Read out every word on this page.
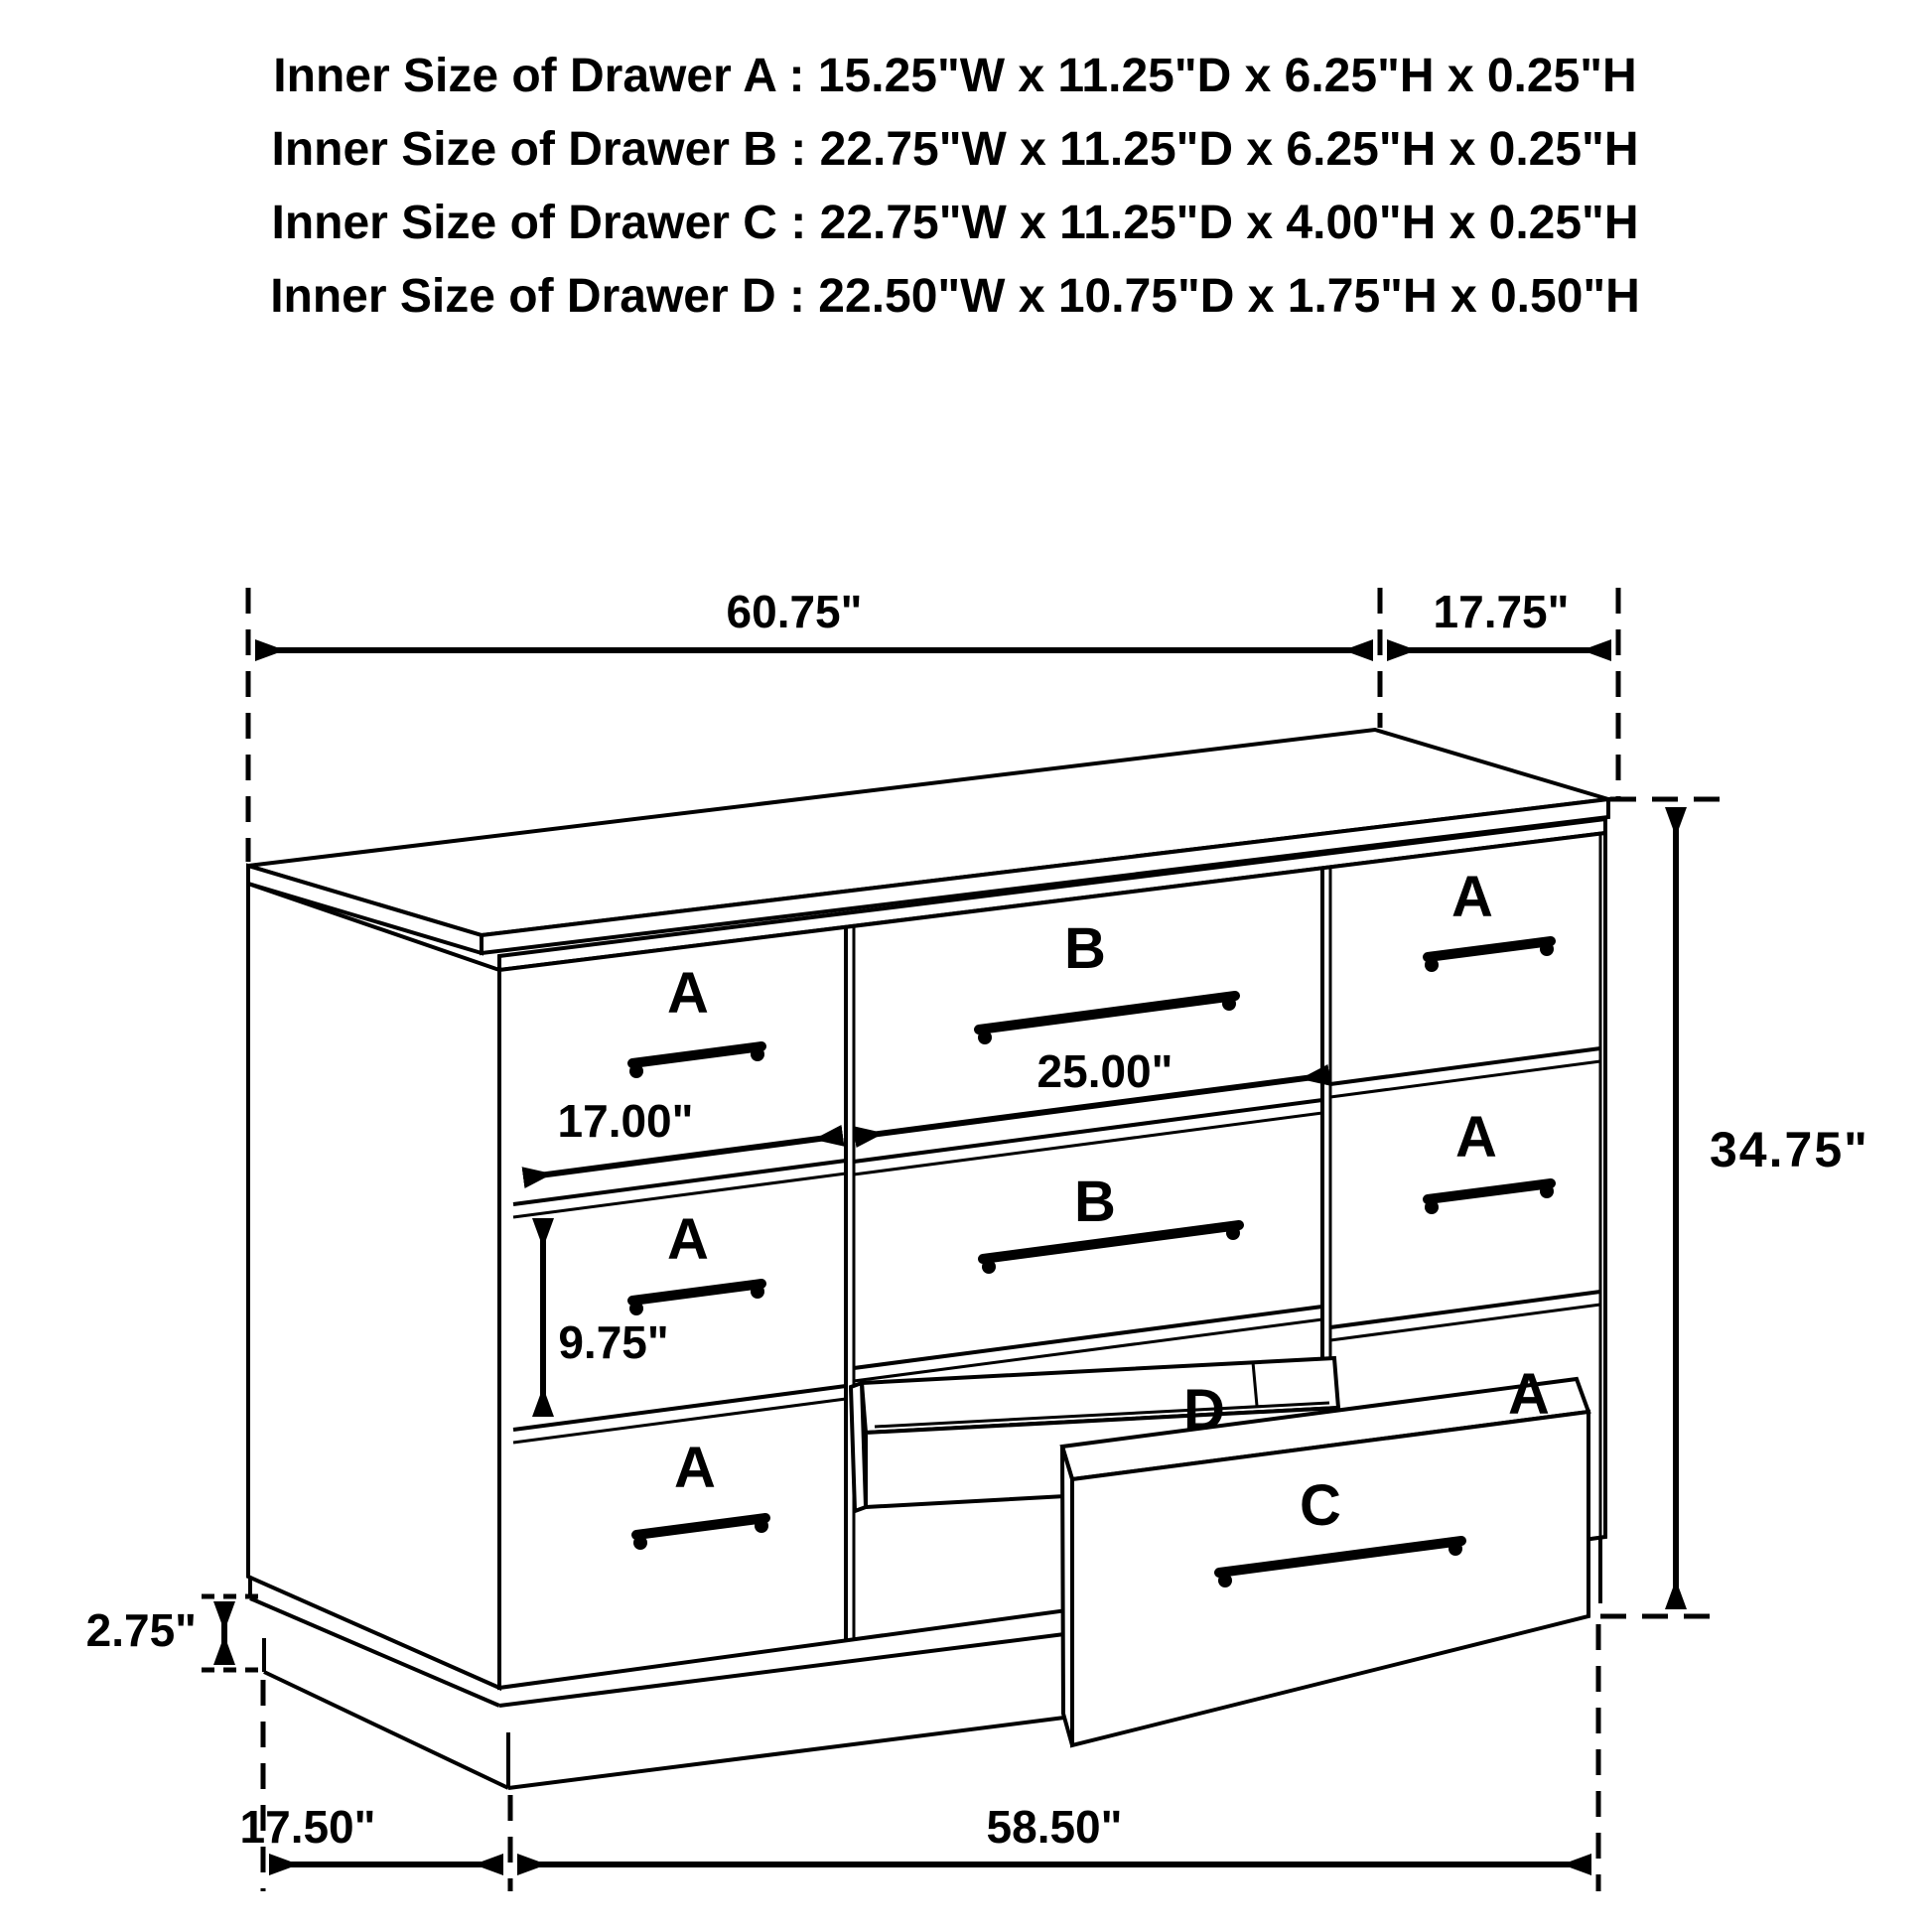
Inner Size of Drawer A : 15.25"W x 11.25"D x 6.25"H x 0.25"H
Inner Size of Drawer B : 22.75"W x 11.25"D x 6.25"H x 0.25"H
Inner Size of Drawer C : 22.75"W x 11.25"D x 4.00"H x 0.25"H
Inner Size of Drawer D : 22.50"W x 10.75"D x 1.75"H x 0.50"H
A
A
A
A
A
A
B
B
C
D
60.75"	17.75"
34.75"
17.00"
25.00"
9.75"
2.75"
17.50"	58.50"
